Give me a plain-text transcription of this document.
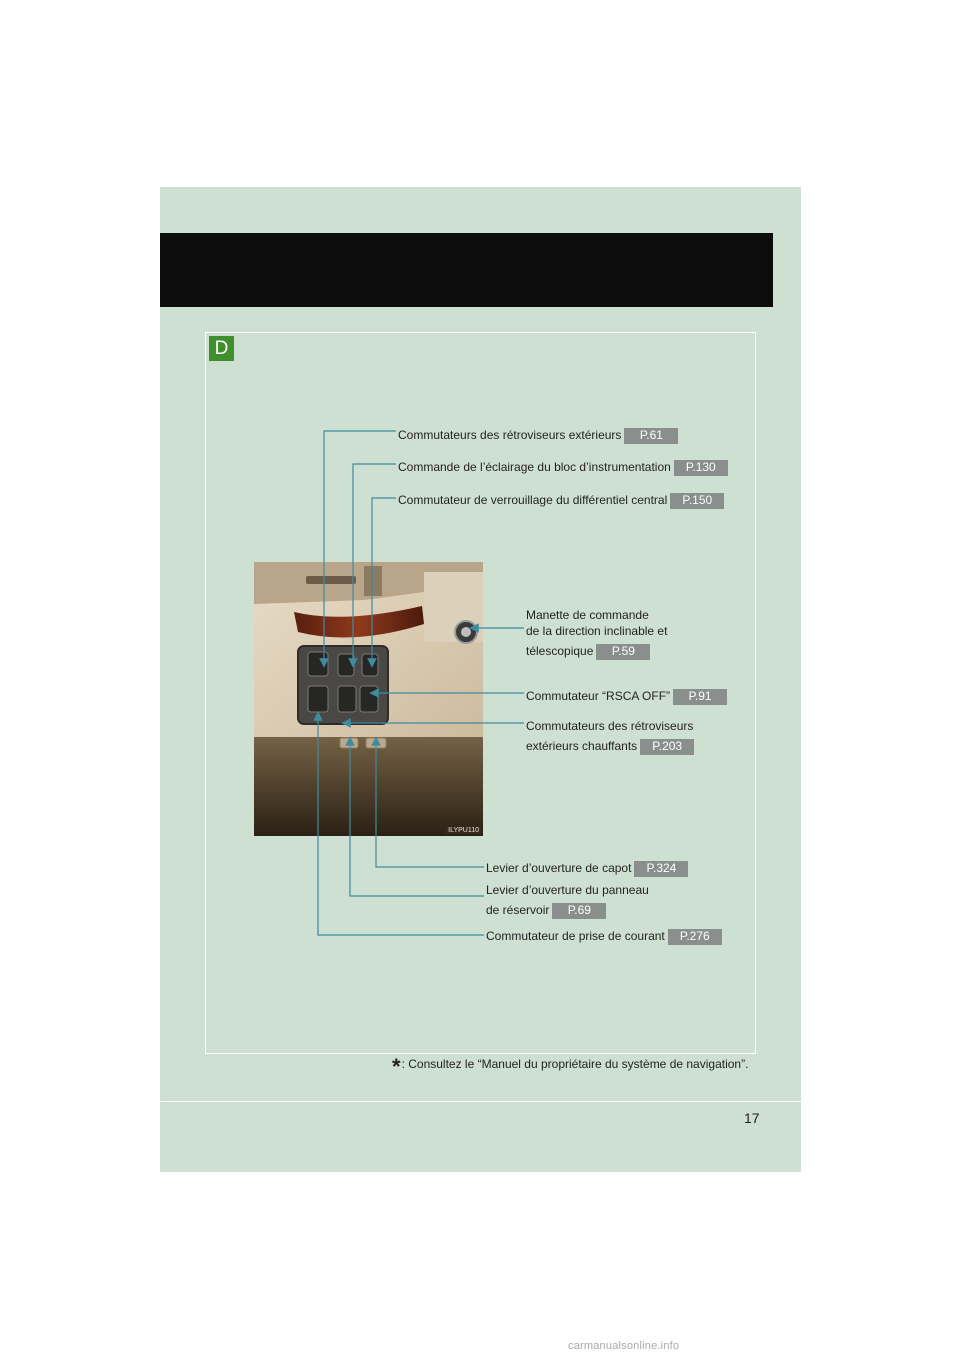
D
Commutateurs des rétroviseurs extérieurs P.61
Commande de l’éclairage du bloc d’instrumentation P.130
Commutateur de verrouillage du différentiel central P.150
Manette de commande
de la direction inclinable et
télescopique P.59
Commutateur “RSCA OFF” P.91
Commutateurs des rétroviseurs
extérieurs chauffants P.203
Levier d’ouverture de capot P.324
Levier d’ouverture du panneau
de réservoir P.69
Commutateur de prise de courant P.276
ILYPU110
*: Consultez le “Manuel du propriétaire du système de navigation”.
17
carmanualsonline.info
